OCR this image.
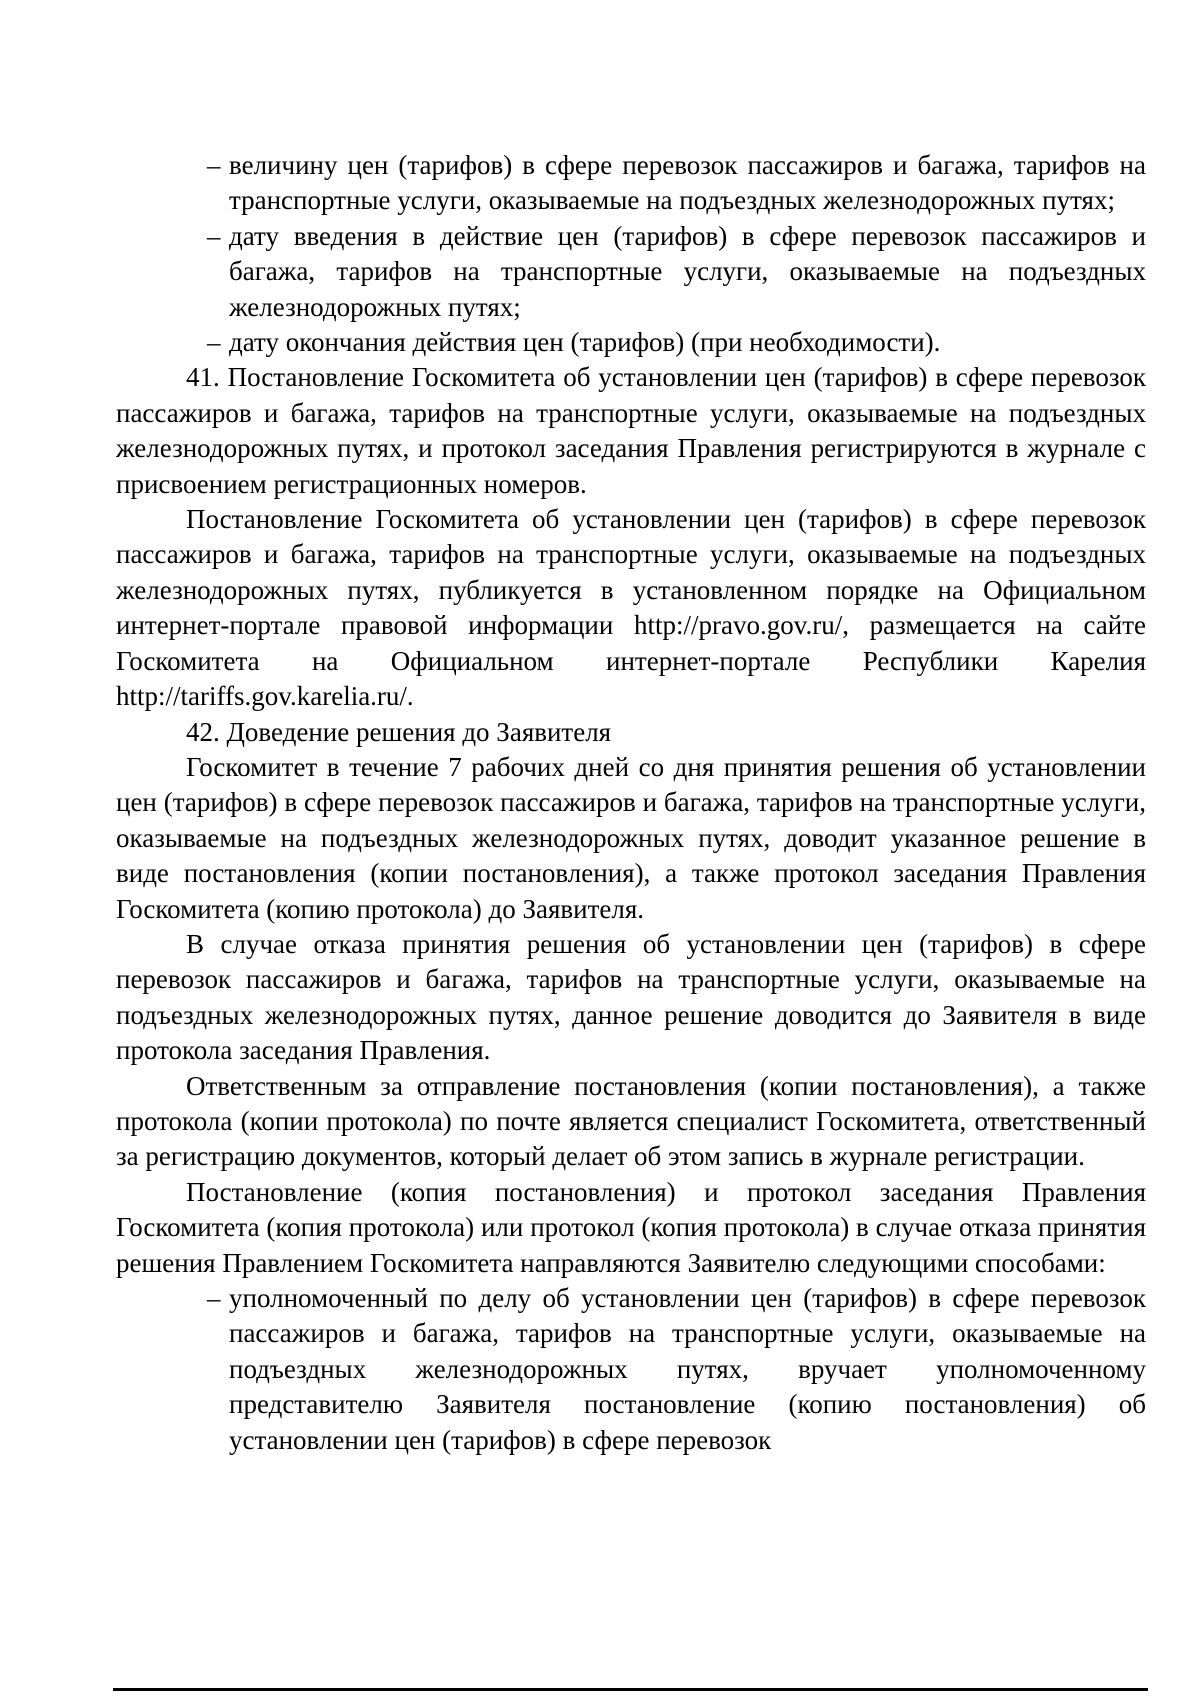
– величину цен (тарифов) в сфере перевозок пассажиров и багажа, тарифов на транспортные услуги, оказываемые на подъездных железнодорожных путях;
– дату введения в действие цен (тарифов) в сфере перевозок пассажиров и багажа, тарифов на транспортные услуги, оказываемые на подъездных железнодорожных путях;
– дату окончания действия цен (тарифов) (при необходимости).

41. Постановление Госкомитета об установлении цен (тарифов) в сфере перевозок пассажиров и багажа, тарифов на транспортные услуги, оказываемые на подъездных железнодорожных путях, и протокол заседания Правления регистрируются в журнале с присвоением регистрационных номеров.

Постановление Госкомитета об установлении цен (тарифов) в сфере перевозок пассажиров и багажа, тарифов на транспортные услуги, оказываемые на подъездных железнодорожных путях, публикуется в установленном порядке на Официальном интернет-портале правовой информации http://pravo.gov.ru/, размещается на сайте Госкомитета на Официальном интернет-портале Республики Карелия http://tariffs.gov.karelia.ru/.

42. Доведение решения до Заявителя

Госкомитет в течение 7 рабочих дней со дня принятия решения об установлении цен (тарифов) в сфере перевозок пассажиров и багажа, тарифов на транспортные услуги, оказываемые на подъездных железнодорожных путях, доводит указанное решение в виде постановления (копии постановления), а также протокол заседания Правления Госкомитета (копию протокола) до Заявителя.

В случае отказа принятия решения об установлении цен (тарифов) в сфере перевозок пассажиров и багажа, тарифов на транспортные услуги, оказываемые на подъездных железнодорожных путях, данное решение доводится до Заявителя в виде протокола заседания Правления.

Ответственным за отправление постановления (копии постановления), а также протокола (копии протокола) по почте является специалист Госкомитета, ответственный за регистрацию документов, который делает об этом запись в журнале регистрации.

Постановление (копия постановления) и протокол заседания Правления Госкомитета (копия протокола) или протокол (копия протокола) в случае отказа принятия решения Правлением Госкомитета направляются Заявителю следующими способами:

– уполномоченный по делу об установлении цен (тарифов) в сфере перевозок пассажиров и багажа, тарифов на транспортные услуги, оказываемые на подъездных железнодорожных путях, вручает уполномоченному представителю Заявителя постановление (копию постановления) об установлении цен (тарифов) в сфере перевозок
